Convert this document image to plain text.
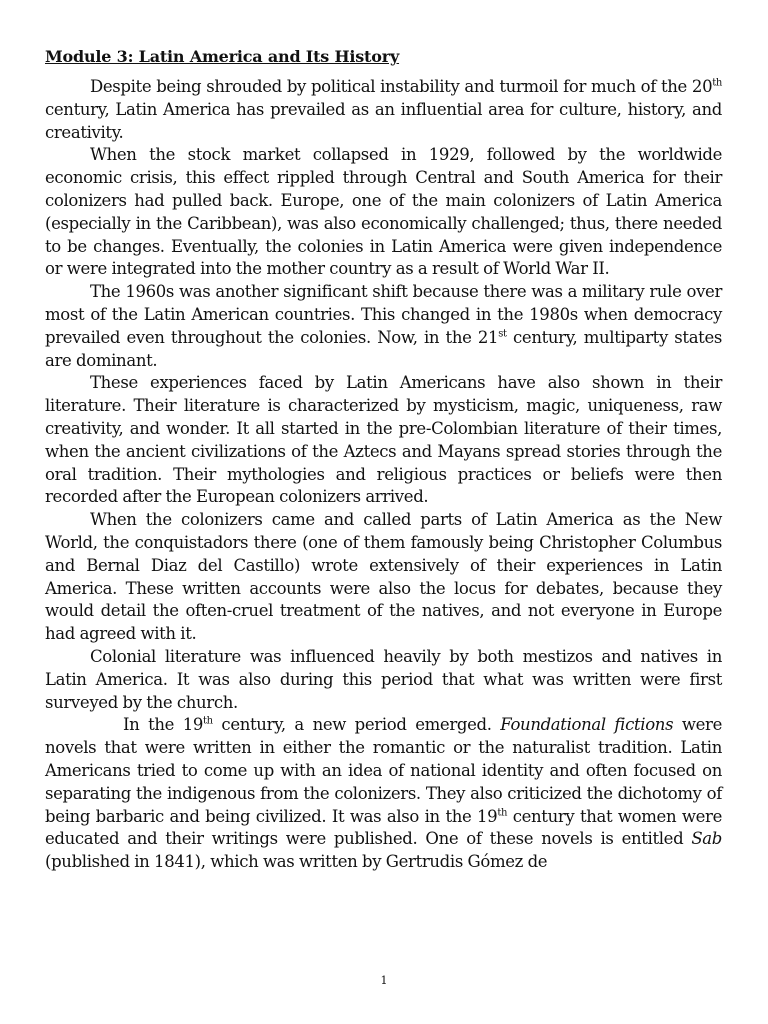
Module 3: Latin America and Its History

Despite being shrouded by political instability and turmoil for much of the 20th century, Latin America has prevailed as an influential area for culture, history, and creativity.

When the stock market collapsed in 1929, followed by the worldwide economic crisis, this effect rippled through Central and South America for their colonizers had pulled back. Europe, one of the main colonizers of Latin America (especially in the Caribbean), was also economically challenged; thus, there needed to be changes. Eventually, the colonies in Latin America were given independence or were integrated into the mother country as a result of World War II.

The 1960s was another significant shift because there was a military rule over most of the Latin American countries. This changed in the 1980s when democracy prevailed even throughout the colonies. Now, in the 21st century, multiparty states are dominant.

These experiences faced by Latin Americans have also shown in their literature. Their literature is characterized by mysticism, magic, uniqueness, raw creativity, and wonder. It all started in the pre-Colombian literature of their times, when the ancient civilizations of the Aztecs and Mayans spread stories through the oral tradition. Their mythologies and religious practices or beliefs were then recorded after the European colonizers arrived.

When the colonizers came and called parts of Latin America as the New World, the conquistadors there (one of them famously being Christopher Columbus and Bernal Diaz del Castillo) wrote extensively of their experiences in Latin America. These written accounts were also the locus for debates, because they would detail the often-cruel treatment of the natives, and not everyone in Europe had agreed with it.

Colonial literature was influenced heavily by both mestizos and natives in Latin America. It was also during this period that what was written were first surveyed by the church.

In the 19th century, a new period emerged. Foundational fictions were novels that were written in either the romantic or the naturalist tradition. Latin Americans tried to come up with an idea of national identity and often focused on separating the indigenous from the colonizers. They also criticized the dichotomy of being barbaric and being civilized. It was also in the 19th century that women were educated and their writings were published. One of these novels is entitled Sab (published in 1841), which was written by Gertrudis Gómez de

1
